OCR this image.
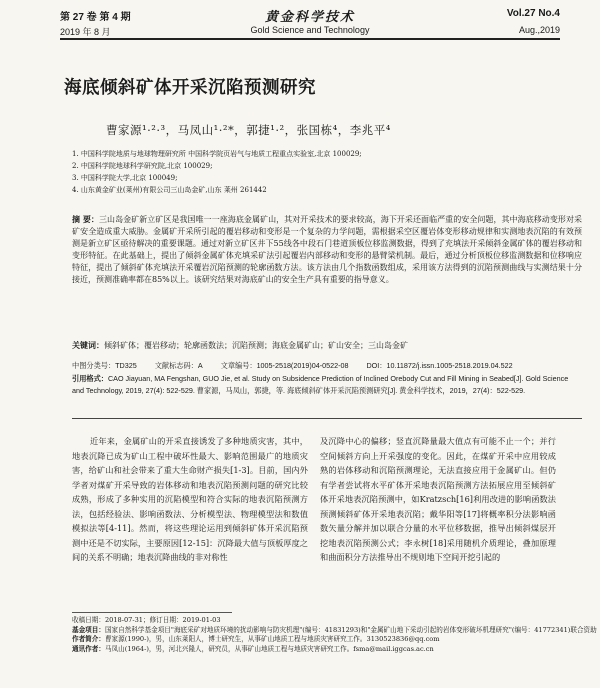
第 27 卷 第 4 期
2019 年 8 月
黄金科学技术
Gold Science and Technology
Vol.27 No.4
Aug.,2019
海底倾斜矿体开采沉陷预测研究
曹家源¹·²·³，马凤山¹·²*，郭捷¹·²，张国栋⁴，李兆平⁴
1. 中国科学院地质与地球物理研究所 中国科学院页岩气与地质工程重点实验室,北京 100029;
2. 中国科学院地球科学研究院,北京 100029;
3. 中国科学院大学,北京 100049;
4. 山东黄金矿业(莱州)有限公司三山岛金矿,山东 莱州 261442
摘 要：三山岛金矿新立矿区是我国唯一一座海底金属矿山，其对开采技术的要求较高，海下开采还面临严重的安全问题，其中海底移动变形对采矿安全造成重大威胁。金属矿开采所引起的覆岩移动和变形是一个复杂的力学问题，需根据采空区覆岩体变形移动规律和实测地表沉陷的有效预测是新立矿区亟待解决的重要课题。通过对新立矿区井下55线各中段石门巷道顶板位移监测数据，得到了充填法开采倾斜金属矿体的覆岩移动和变形特征。在此基础上，提出了倾斜金属矿体充填采矿法引起覆岩内部移动和变形的悬臂梁机制。最后，通过分析顶板位移监测数据和位移响应特征，提出了倾斜矿体充填法开采覆岩沉陷预测的轮廓函数方法。该方法由几个指数函数组成，采用该方法得到的沉陷预测曲线与实测结果十分接近，预测准确率都在85%以上。该研究结果对海底矿山的安全生产具有重要的指导意义。
关键词：倾斜矿体；覆岩移动；轮廓函数法；沉陷预测；海底金属矿山；矿山安全；三山岛金矿
中图分类号：TD325	文献标志码：A	文章编号：1005-2518(2019)04-0522-08	DOI：10.11872/j.issn.1005-2518.2019.04.522
引用格式：CAO Jiayuan, MA Fengshan, GUO Jie, et al. Study on Subsidence Prediction of Inclined Orebody Cut and Fill Mining in Seabed[J]. Gold Science and Technology, 2019, 27(4): 522-529. 曹家源，马凤山，郭捷，等. 海底倾斜矿体开采沉陷预测研究[J]. 黄金科学技术，2019，27(4)：522-529.
近年来，金属矿山的开采直接诱发了多种地质灾害，其中，地表沉降已成为矿山工程中破坏性最大、影响范围最广的地质灾害，给矿山和社会带来了重大生命财产损失[1-3]。目前，国内外学者对煤矿开采导致的岩体移动和地表沉陷预测问题的研究比较成熟，形成了多种实用的沉陷模型和符合实际的地表沉陷预测方法，包括经验法、影响函数法、分析模型法、物理模型法和数值模拟法等[4-11]。然而，将这些理论运用到倾斜矿体开采沉陷预测中还是不切实际，主要原因[12-15]：沉降最大值与顶板厚度之间的关系不明确；地表沉降曲线的非对称性
及沉降中心的偏移；竖直沉降量最大值点有可能不止一个；并行空间倾斜方向上开采强度的变化。因此，在煤矿开采中应用较成熟的岩体移动和沉陷预测理论，无法直接应用于金属矿山。但仍有学者尝试将水平矿体开采地表沉陷预测方法拓展应用至倾斜矿体开采地表沉陷预测中，如Kratzsch[16]利用改进的影响函数法预测倾斜矿体开采地表沉陷；戴华阳等[17]将概率积分法影响函数矢量分解并加以联合分量的水平位移数据，推导出倾斜煤层开挖地表沉陷预测公式；李永树[18]采用随机介质理论，叠加原理和曲面积分方法推导出不规则地下空间开挖引起的
收稿日期：2018-07-31；修订日期：2019-01-03
基金项目：国家自然科学基金项目"海底采矿对地质环境的扰动影响与防灾机理"(编号：41831293)和"金属矿山地下采动引起的岩体变形破坏机理研究"(编号：41772341)联合资助
作者简介：曹家源(1990-)，男，山东莱阳人，博士研究生，从事矿山地质工程与地质灾害研究工作。3130523836@qq.com
通讯作者：马凤山(1964-)，男，河北兴隆人，研究员，从事矿山地质工程与地质灾害研究工作。fsma@mail.iggcas.ac.cn
